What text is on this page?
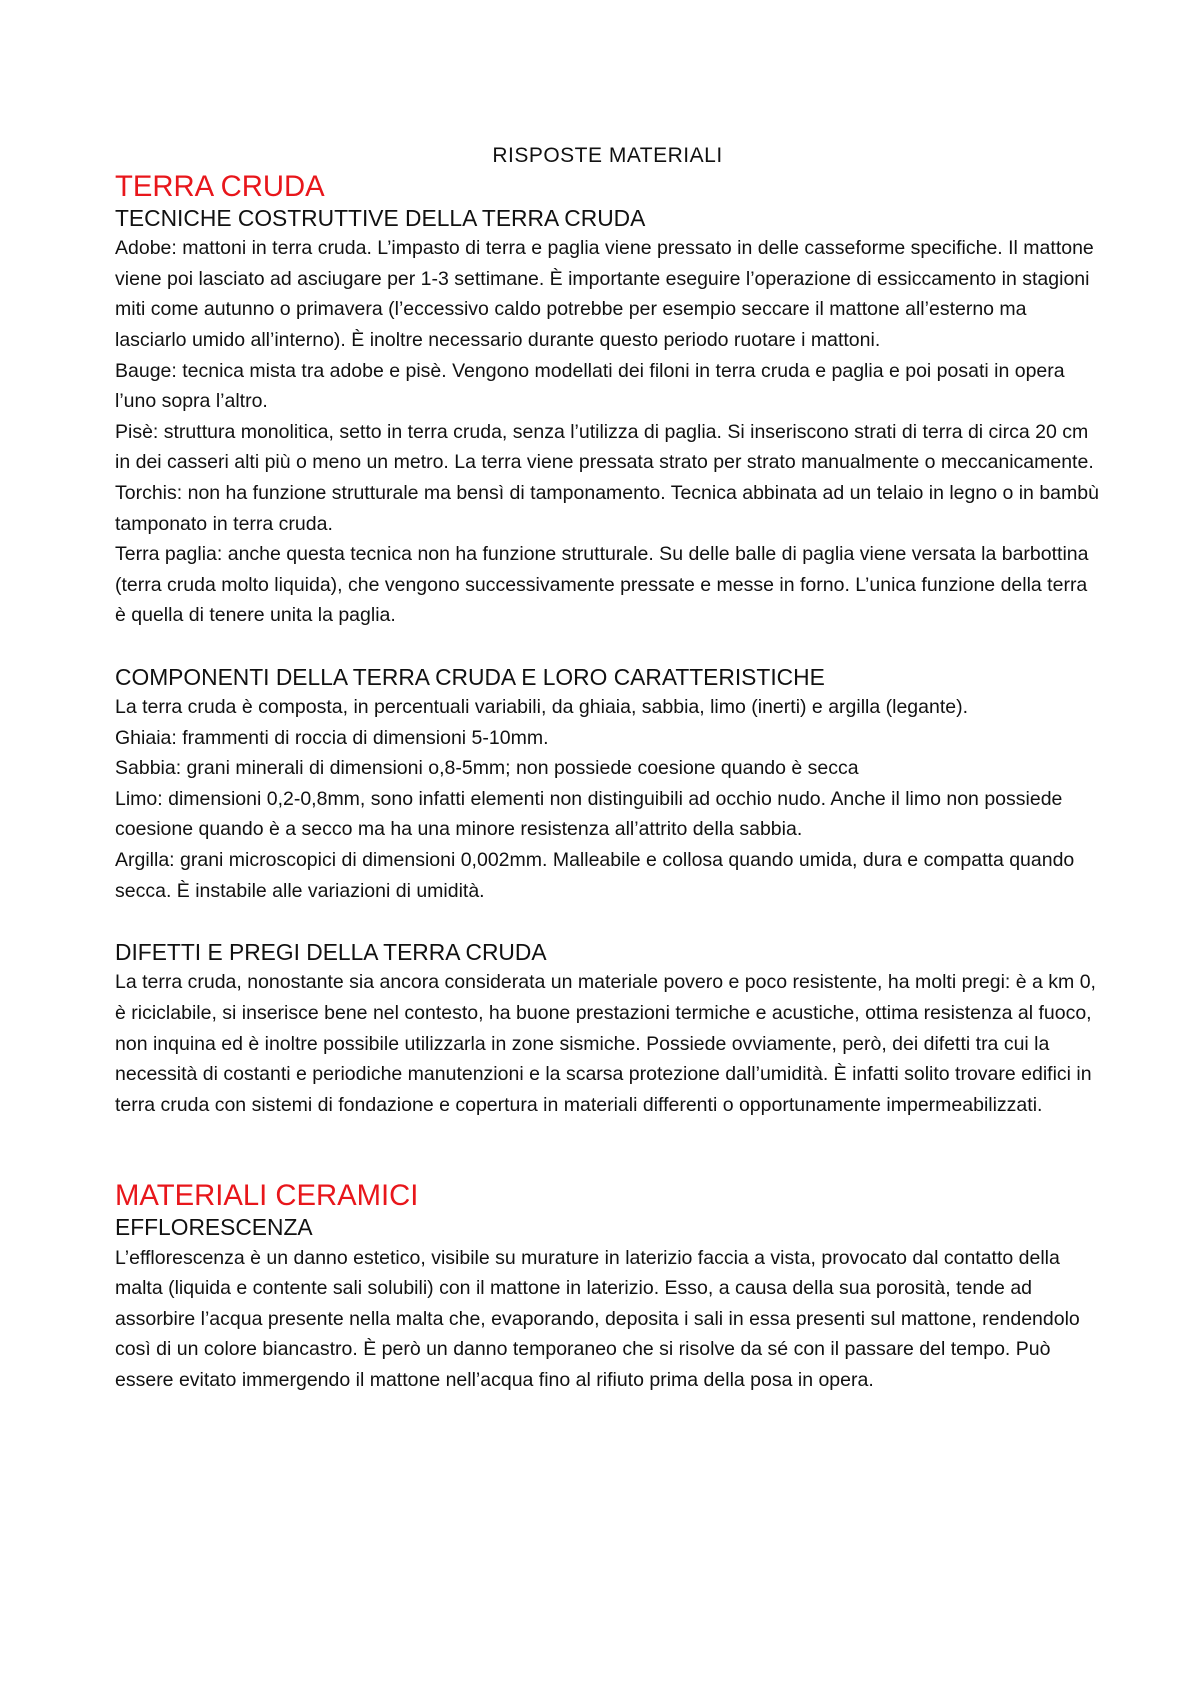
RISPOSTE MATERIALI
TERRA CRUDA
TECNICHE COSTRUTTIVE DELLA TERRA CRUDA

Adobe: mattoni in terra cruda. L’impasto di terra e paglia viene pressato in delle casseforme specifiche. Il mattone viene poi lasciato ad asciugare per 1-3 settimane. È importante eseguire l’operazione di essiccamento in stagioni miti come autunno o primavera (l’eccessivo caldo potrebbe per esempio seccare il mattone all’esterno ma lasciarlo umido all’interno). È inoltre necessario durante questo periodo ruotare i mattoni.

Bauge: tecnica mista tra adobe e pisè. Vengono modellati dei filoni in terra cruda e paglia e poi posati in opera l’uno sopra l’altro.

Pisè: struttura monolitica, setto in terra cruda, senza l’utilizza di paglia. Si inseriscono strati di terra di circa 20 cm in dei casseri alti più o meno un metro. La terra viene pressata strato per strato manualmente o meccanicamente.

Torchis: non ha funzione strutturale ma bensì di tamponamento. Tecnica abbinata ad un telaio in legno o in bambù tamponato in terra cruda.

Terra paglia: anche questa tecnica non ha funzione strutturale. Su delle balle di paglia viene versata la barbottina (terra cruda molto liquida), che vengono successivamente pressate e messe in forno. L’unica funzione della terra è quella di tenere unita la paglia.

COMPONENTI DELLA TERRA CRUDA E LORO CARATTERISTICHE

La terra cruda è composta, in percentuali variabili, da ghiaia, sabbia, limo (inerti) e argilla (legante).

Ghiaia: frammenti di roccia di dimensioni 5-10mm.

Sabbia: grani minerali di dimensioni o,8-5mm; non possiede coesione quando è secca

Limo: dimensioni 0,2-0,8mm, sono infatti elementi non distinguibili ad occhio nudo. Anche il limo non possiede coesione quando è a secco ma ha una minore resistenza all’attrito della sabbia.

Argilla: grani microscopici di dimensioni 0,002mm. Malleabile e collosa quando umida, dura e compatta quando secca. È instabile alle variazioni di umidità.

DIFETTI E PREGI DELLA TERRA CRUDA

La terra cruda, nonostante sia ancora considerata un materiale povero e poco resistente, ha molti pregi: è a km 0, è riciclabile, si inserisce bene nel contesto, ha buone prestazioni termiche e acustiche, ottima resistenza al fuoco, non inquina ed è inoltre possibile utilizzarla in zone sismiche. Possiede ovviamente, però, dei difetti tra cui la necessità di costanti e periodiche manutenzioni e la scarsa protezione dall’umidità. È infatti solito trovare edifici in terra cruda con sistemi di fondazione e copertura in materiali differenti o opportunamente impermeabilizzati.

MATERIALI CERAMICI
EFFLORESCENZA

L’efflorescenza è un danno estetico, visibile su murature in laterizio faccia a vista, provocato dal contatto della malta (liquida e contente sali solubili) con il mattone in laterizio. Esso, a causa della sua porosità, tende ad assorbire l’acqua presente nella malta che, evaporando, deposita i sali in essa presenti sul mattone, rendendolo così di un colore biancastro. È però un danno temporaneo che si risolve da sé con il passare del tempo. Può essere evitato immergendo il mattone nell’acqua fino al rifiuto prima della posa in opera.
